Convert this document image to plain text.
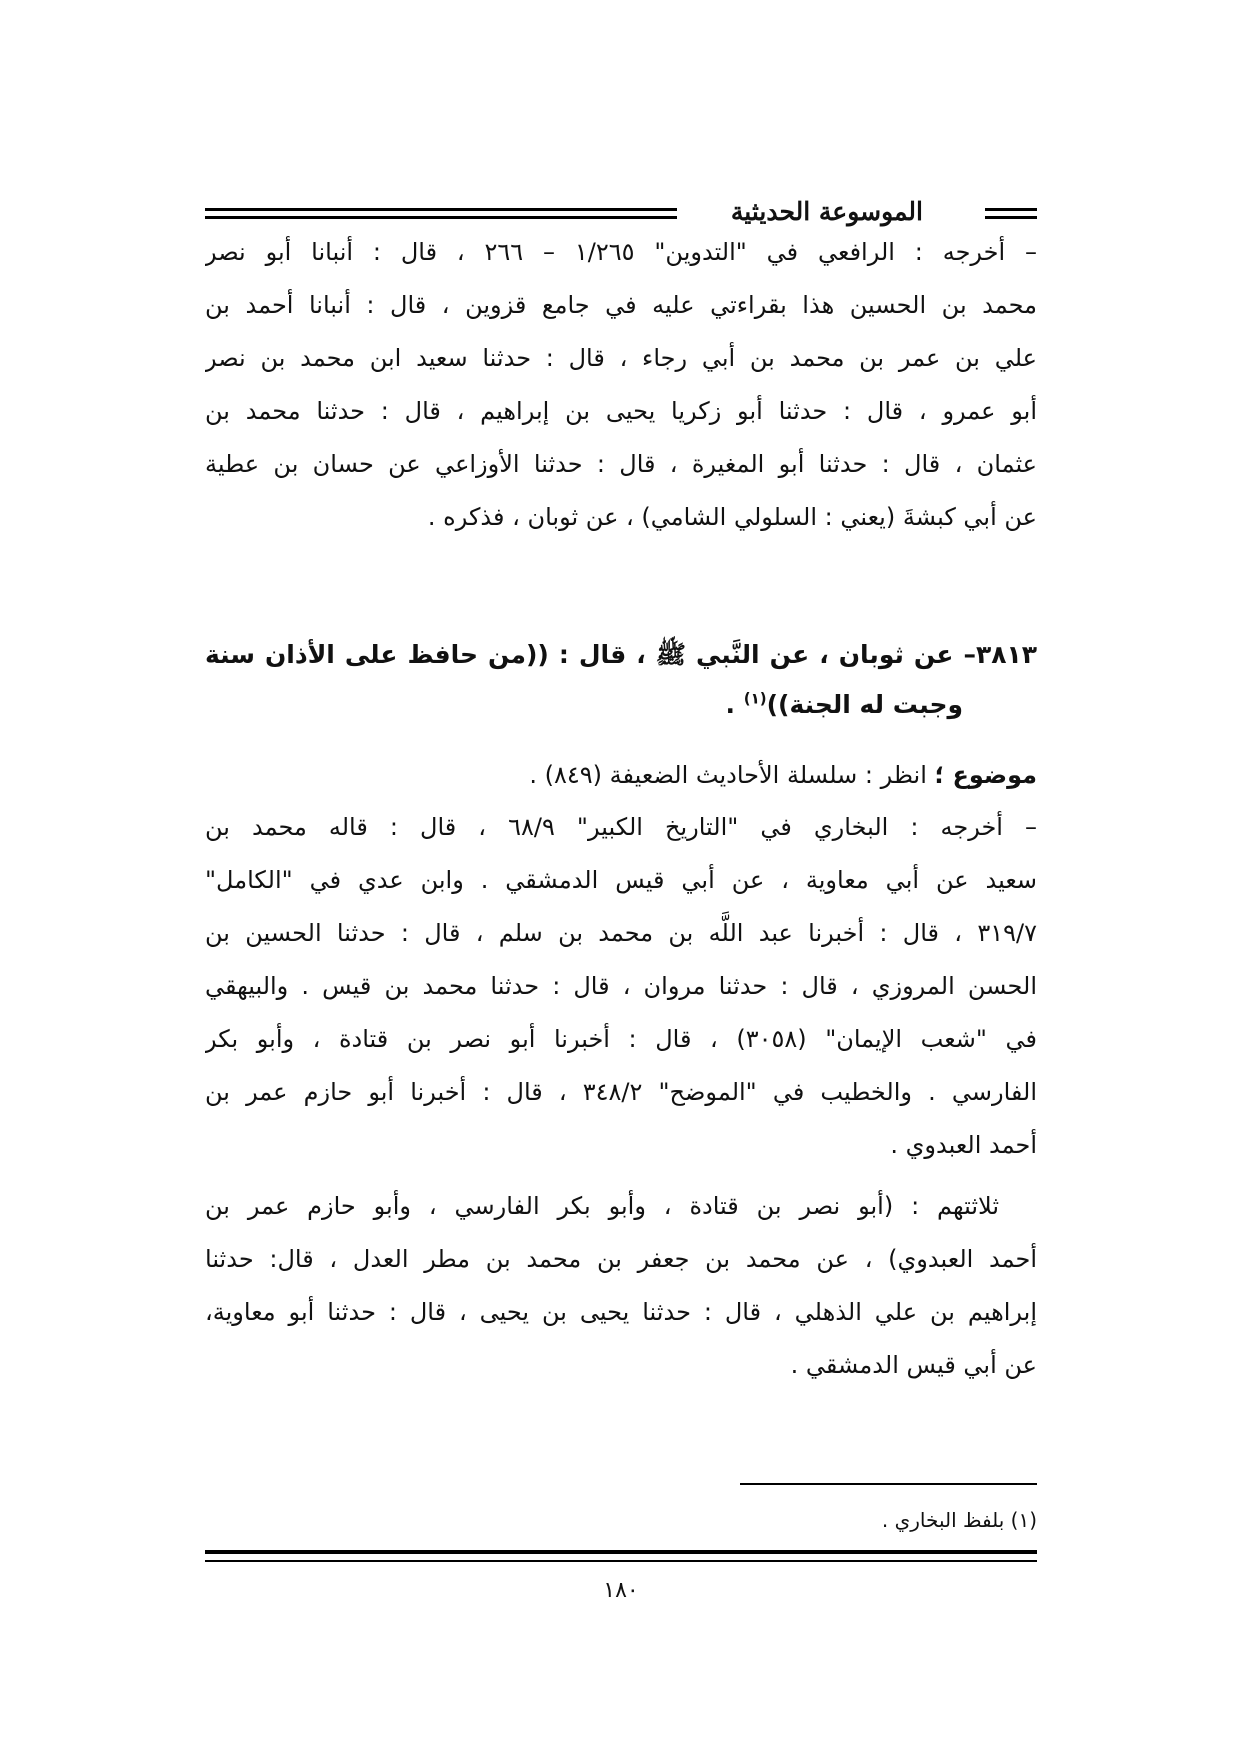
الموسوعة الحديثية
– أخرجه : الرافعي في "التدوين" ١/٢٦٥ – ٢٦٦ ، قال : أنبانا أبو نصر
محمد بن الحسين هذا بقراءتي عليه في جامع قزوين ، قال : أنبانا أحمد بن
علي بن عمر بن محمد بن أبي رجاء ، قال : حدثنا سعيد ابن محمد بن نصر
أبو عمرو ، قال : حدثنا أبو زكريا يحيى بن إبراهيم ، قال : حدثنا محمد بن
عثمان ، قال : حدثنا أبو المغيرة ، قال : حدثنا الأوزاعي عن حسان بن عطية
عن أبي كبشةَ (يعني : السلولي الشامي) ، عن ثوبان ، فذكره .
٣٨١٣– عن ثوبان ، عن النَّبي ﷺ ، قال : ((من حافظ على الأذان سنة
وجبت له الجنة))$^{(١)}$ .
موضوع ؛ انظر : سلسلة الأحاديث الضعيفة (٨٤٩) .
– أخرجه : البخاري في "التاريخ الكبير" ٦٨/٩ ، قال : قاله محمد بن
سعيد عن أبي معاوية ، عن أبي قيس الدمشقي . وابن عدي في "الكامل"
٣١٩/٧ ، قال : أخبرنا عبد اللَّه بن محمد بن سلم ، قال : حدثنا الحسين بن
الحسن المروزي ، قال : حدثنا مروان ، قال : حدثنا محمد بن قيس . والبيهقي
في "شعب الإيمان" (٣٠٥٨) ، قال : أخبرنا أبو نصر بن قتادة ، وأبو بكر
الفارسي . والخطيب في "الموضح" ٣٤٨/٢ ، قال : أخبرنا أبو حازم عمر بن
أحمد العبدوي .
ثلاثتهم : (أبو نصر بن قتادة ، وأبو بكر الفارسي ، وأبو حازم عمر بن
أحمد العبدوي) ، عن محمد بن جعفر بن محمد بن مطر العدل ، قال: حدثنا
إبراهيم بن علي الذهلي ، قال : حدثنا يحيى بن يحيى ، قال : حدثنا أبو معاوية،
عن أبي قيس الدمشقي .
(١) بلفظ البخاري .
١٨٠
